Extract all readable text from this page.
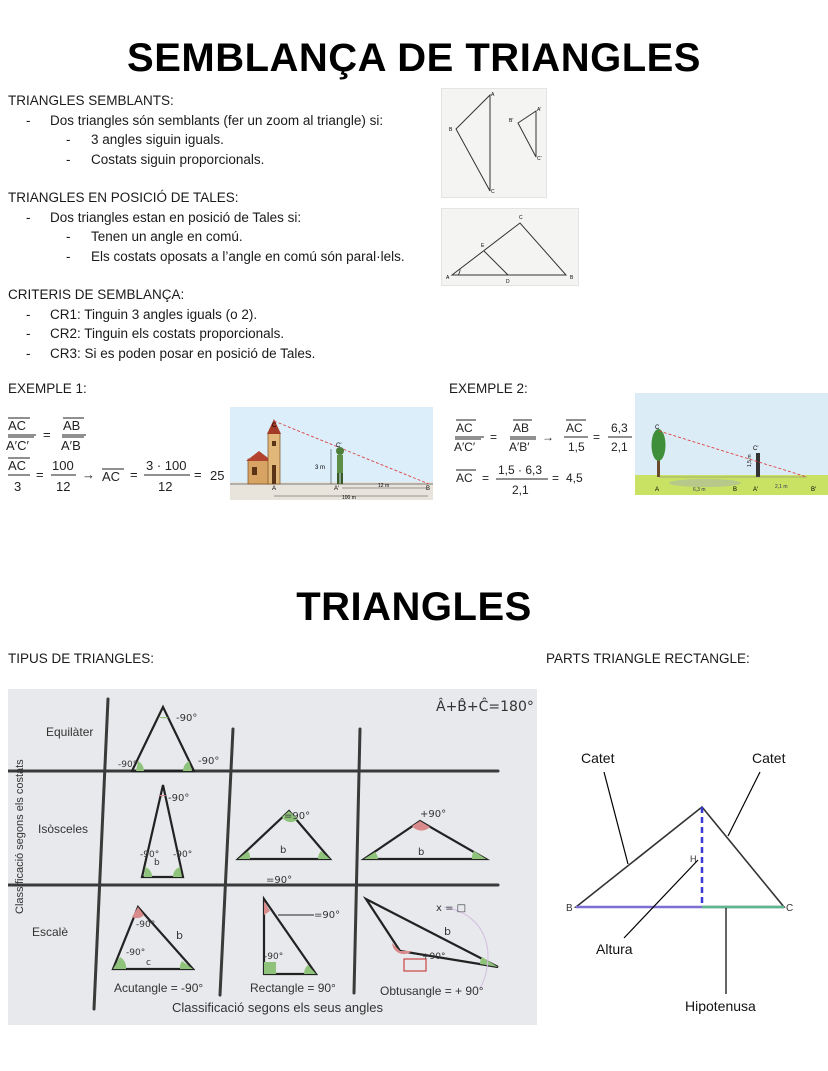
SEMBLANÇA DE TRIANGLES
TRIANGLES SEMBLANTS:
- Dos triangles són semblants (fer un zoom al triangle) si:
- 3 angles siguin iguals.
- Costats siguin proporcionals.
A
B
C
A′
B′
C′
TRIANGLES EN POSICIÓ DE TALES:
- Dos triangles estan en posició de Tales si:
- Tenen un angle en comú.
- Els costats oposats a l’angle en comú són paral·lels.
A	B
C
D
E
CRITERIS DE SEMBLANÇA:
- CR1: Tinguin 3 angles iguals (o 2).
- CR2: Tinguin els costats proporcionals.
- CR3: Si es poden posar en posició de Tales.
EXEMPLE 1:
AC
A′C′
=
AB
A′B
AC
3
=
100
12
→ AC =
3 · 100
12
= 25
C
C′
3 m
A	A′	B
12 m
100 m
EXEMPLE 2:
AC
A′C′
=
AB
A′B′
→
AC
1,5
=
6,3
2,1
AC =
1,5 · 6,3
2,1
= 4,5
C
C′
A	B	A′	B′
6,3 m	2,1 m
1,5 m
TRIANGLES
TIPUS DE TRIANGLES:	PARTS TRIANGLE RECTANGLE:
Â+B̂+Ĉ=180°
Classificació segons els costats
Equilàter
Isòsceles
Escalè
-90°
-90°	-90°
-90°
b
-90° -90°
=90°
=90°
b
+90°
b
-90°
-90°
c
b
=90°
-90°
x = □
+90°
b
Acutangle = -90°	Rectangle = 90°	Obtusangle = + 90°
Classificació segons els seus angles
Catet	Catet
Altura
Hipotenusa
B	C
H
